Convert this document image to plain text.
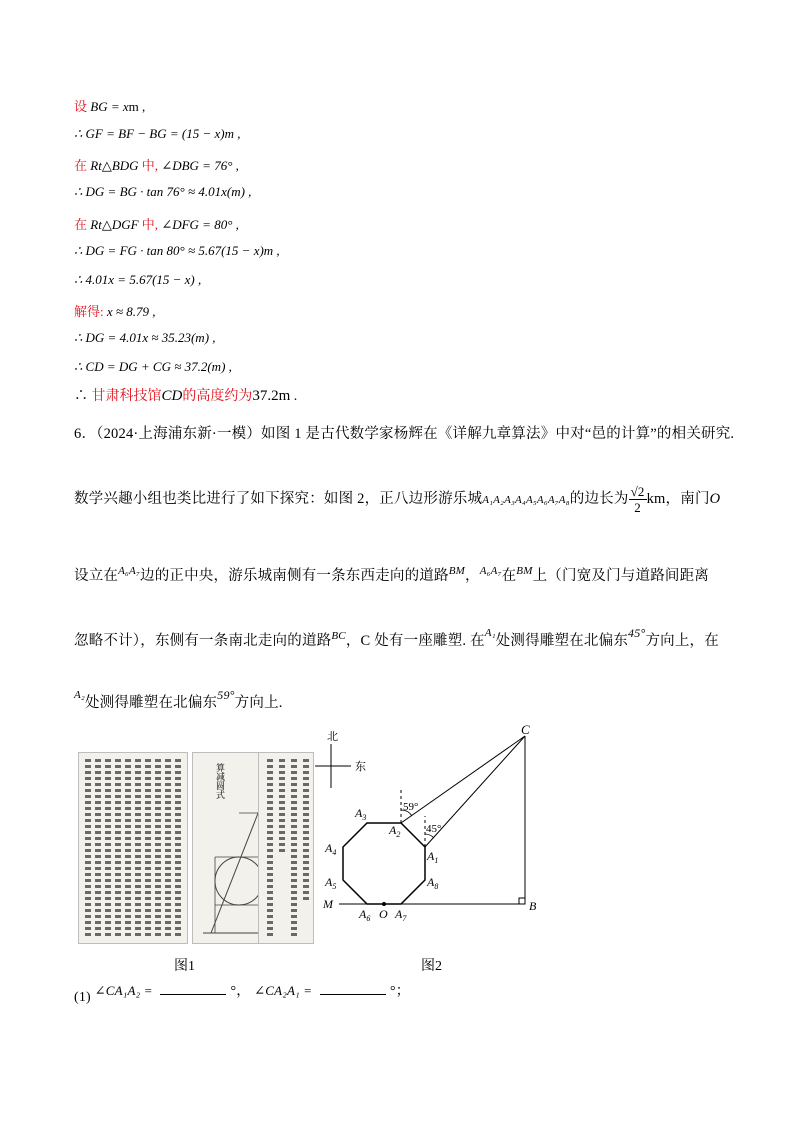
设 BG = xm ,
∴ GF = BF − BG = (15 − x)m ,
在 Rt△BDG 中, ∠DBG = 76° ,
∴ DG = BG · tan 76° ≈ 4.01x(m) ,
在 Rt△DGF 中, ∠DFG = 80° ,
∴ DG = FG · tan 80° ≈ 5.67(15 − x)m ,
∴ 4.01x = 5.67(15 − x) ,
解得: x ≈ 8.79 ,
∴ DG = 4.01x ≈ 35.23(m) ,
∴ CD = DG + CG ≈ 37.2(m) ,
∴ 甘肃科技馆CD的高度约为37.2m .
6．（2024·上海浦东新·一模）如图 1 是古代数学家杨辉在《详解九章算法》中对“邑的计算”的相关研究.
数学兴趣小组也类比进行了如下探究：如图 2，正八边形游乐城A₁A₂A₃A₄A₅A₆A₇A₈的边长为 $\frac{√2}{2}$ km，南门O
设立在$^{A_6A_7}$边的正中央，游乐城南侧有一条东西走向的道路$^{BM}$，$^{A_6A_7}$在$^{BM}$上（门宽及门与道路间距离
忽略不计），东侧有一条南北走向的道路$^{BC}$，C 处有一座雕塑. 在$^{A_1}$处测得雕塑在北偏东$^{45^\circ}$方向上，在
$^{A_2}$处测得雕塑在北偏东$^{59^\circ}$方向上.
算减圆式
图1
北
东
C
$A_3$
$A_2$
$A_1$
$A_4$
$A_5$	$A_8$
M
$A_6$ O $A_7$
B
59°
45°
图2
(1) ∠CA₁A₂ =	°， ∠CA₂A₁ =	°；
